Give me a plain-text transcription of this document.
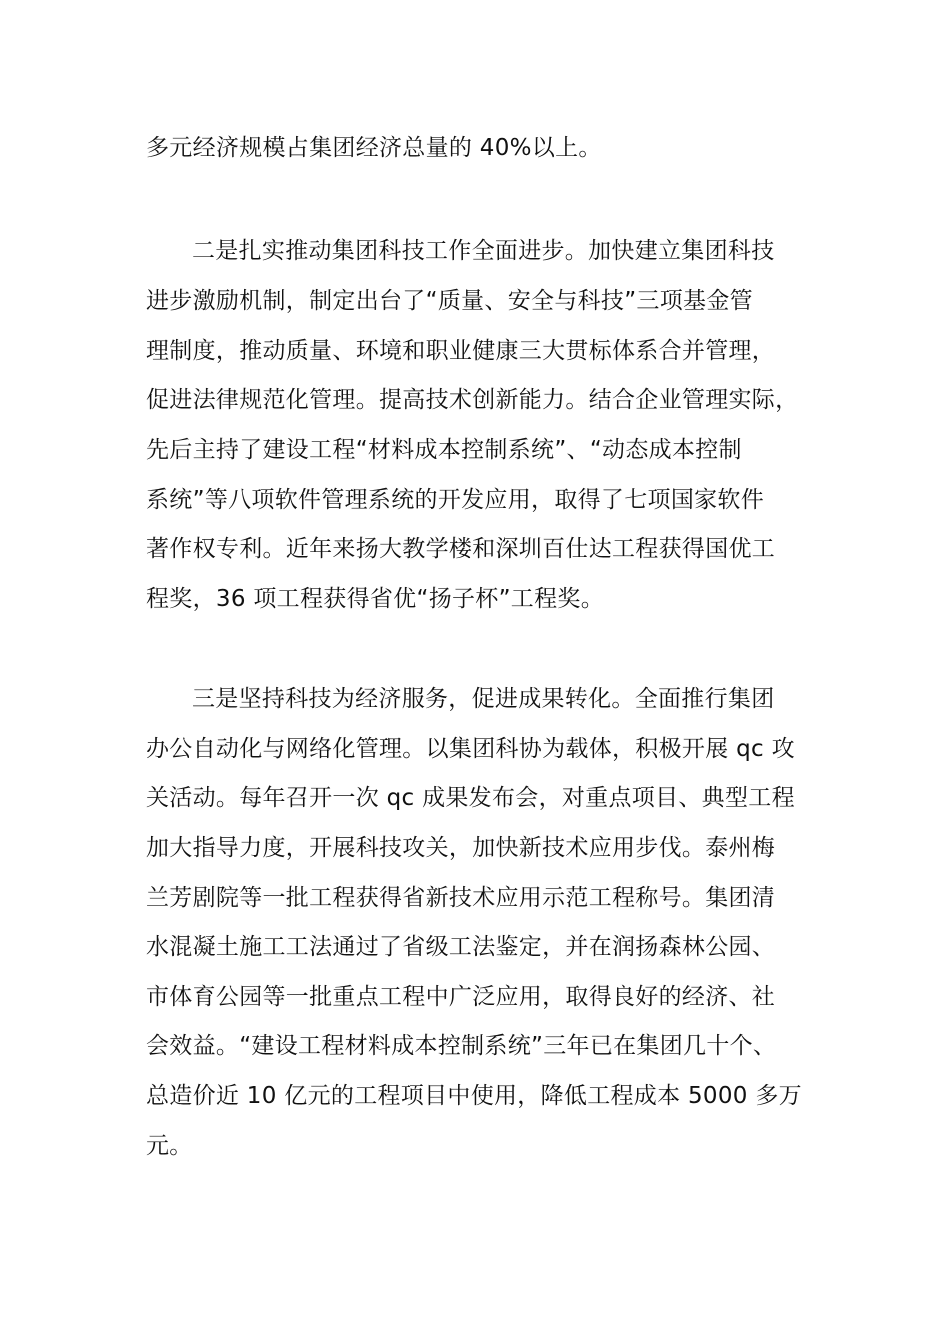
多元经济规模占集团经济总量的 40%以上。
二是扎实推动集团科技工作全面进步。加快建立集团科技
进步激励机制，制定出台了“质量、安全与科技”三项基金管
理制度，推动质量、环境和职业健康三大贯标体系合并管理，
促进法律规范化管理。提高技术创新能力。结合企业管理实际，
先后主持了建设工程“材料成本控制系统”、“动态成本控制
系统”等八项软件管理系统的开发应用，取得了七项国家软件
著作权专利。近年来扬大教学楼和深圳百仕达工程获得国优工
程奖，36 项工程获得省优“扬子杯”工程奖。
三是坚持科技为经济服务，促进成果转化。全面推行集团
办公自动化与网络化管理。以集团科协为载体，积极开展 qc 攻
关活动。每年召开一次 qc 成果发布会，对重点项目、典型工程
加大指导力度，开展科技攻关，加快新技术应用步伐。泰州梅
兰芳剧院等一批工程获得省新技术应用示范工程称号。集团清
水混凝土施工工法通过了省级工法鉴定，并在润扬森林公园、
市体育公园等一批重点工程中广泛应用，取得良好的经济、社
会效益。“建设工程材料成本控制系统”三年已在集团几十个、
总造价近 10 亿元的工程项目中使用，降低工程成本 5000 多万
元。
